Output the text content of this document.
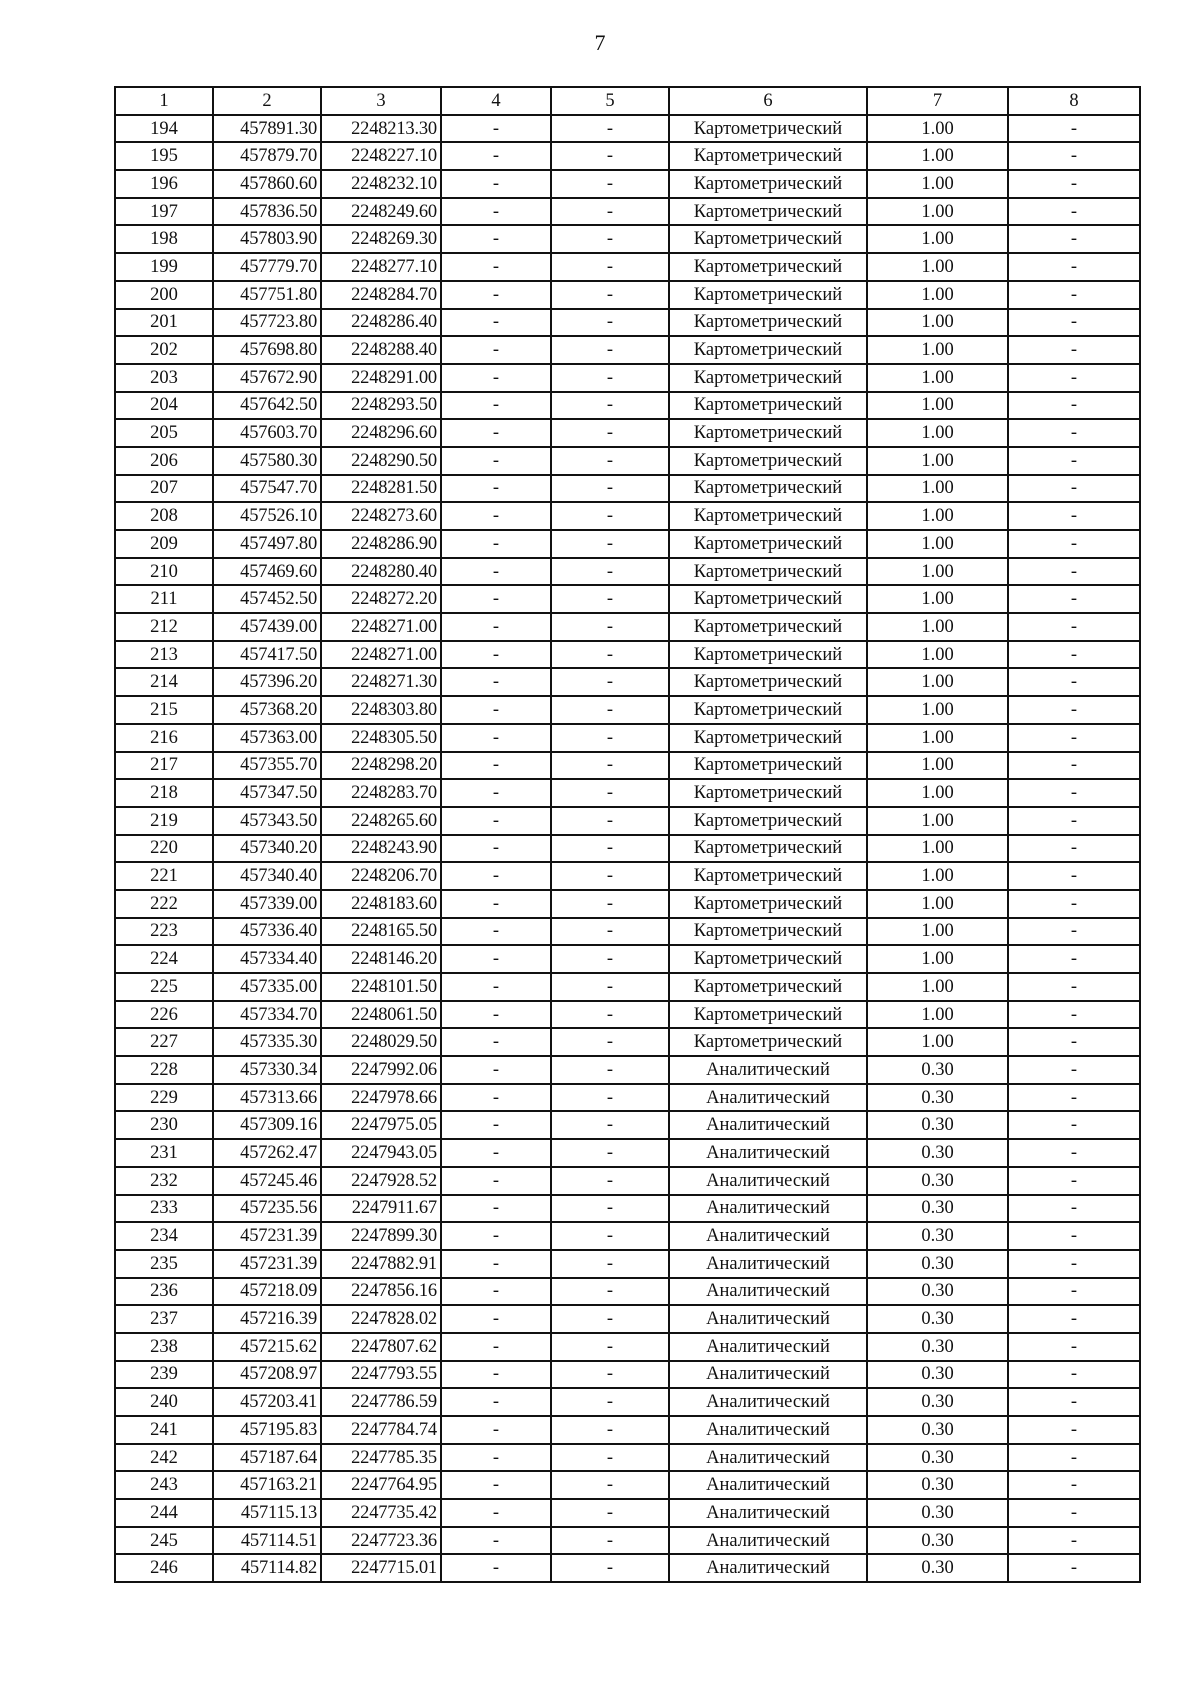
7
1	2	3	4	5	6	7	8
194	457891.30	2248213.30	-	-	Картометрический	1.00	-
195	457879.70	2248227.10	-	-	Картометрический	1.00	-
196	457860.60	2248232.10	-	-	Картометрический	1.00	-
197	457836.50	2248249.60	-	-	Картометрический	1.00	-
198	457803.90	2248269.30	-	-	Картометрический	1.00	-
199	457779.70	2248277.10	-	-	Картометрический	1.00	-
200	457751.80	2248284.70	-	-	Картометрический	1.00	-
201	457723.80	2248286.40	-	-	Картометрический	1.00	-
202	457698.80	2248288.40	-	-	Картометрический	1.00	-
203	457672.90	2248291.00	-	-	Картометрический	1.00	-
204	457642.50	2248293.50	-	-	Картометрический	1.00	-
205	457603.70	2248296.60	-	-	Картометрический	1.00	-
206	457580.30	2248290.50	-	-	Картометрический	1.00	-
207	457547.70	2248281.50	-	-	Картометрический	1.00	-
208	457526.10	2248273.60	-	-	Картометрический	1.00	-
209	457497.80	2248286.90	-	-	Картометрический	1.00	-
210	457469.60	2248280.40	-	-	Картометрический	1.00	-
211	457452.50	2248272.20	-	-	Картометрический	1.00	-
212	457439.00	2248271.00	-	-	Картометрический	1.00	-
213	457417.50	2248271.00	-	-	Картометрический	1.00	-
214	457396.20	2248271.30	-	-	Картометрический	1.00	-
215	457368.20	2248303.80	-	-	Картометрический	1.00	-
216	457363.00	2248305.50	-	-	Картометрический	1.00	-
217	457355.70	2248298.20	-	-	Картометрический	1.00	-
218	457347.50	2248283.70	-	-	Картометрический	1.00	-
219	457343.50	2248265.60	-	-	Картометрический	1.00	-
220	457340.20	2248243.90	-	-	Картометрический	1.00	-
221	457340.40	2248206.70	-	-	Картометрический	1.00	-
222	457339.00	2248183.60	-	-	Картометрический	1.00	-
223	457336.40	2248165.50	-	-	Картометрический	1.00	-
224	457334.40	2248146.20	-	-	Картометрический	1.00	-
225	457335.00	2248101.50	-	-	Картометрический	1.00	-
226	457334.70	2248061.50	-	-	Картометрический	1.00	-
227	457335.30	2248029.50	-	-	Картометрический	1.00	-
228	457330.34	2247992.06	-	-	Аналитический	0.30	-
229	457313.66	2247978.66	-	-	Аналитический	0.30	-
230	457309.16	2247975.05	-	-	Аналитический	0.30	-
231	457262.47	2247943.05	-	-	Аналитический	0.30	-
232	457245.46	2247928.52	-	-	Аналитический	0.30	-
233	457235.56	2247911.67	-	-	Аналитический	0.30	-
234	457231.39	2247899.30	-	-	Аналитический	0.30	-
235	457231.39	2247882.91	-	-	Аналитический	0.30	-
236	457218.09	2247856.16	-	-	Аналитический	0.30	-
237	457216.39	2247828.02	-	-	Аналитический	0.30	-
238	457215.62	2247807.62	-	-	Аналитический	0.30	-
239	457208.97	2247793.55	-	-	Аналитический	0.30	-
240	457203.41	2247786.59	-	-	Аналитический	0.30	-
241	457195.83	2247784.74	-	-	Аналитический	0.30	-
242	457187.64	2247785.35	-	-	Аналитический	0.30	-
243	457163.21	2247764.95	-	-	Аналитический	0.30	-
244	457115.13	2247735.42	-	-	Аналитический	0.30	-
245	457114.51	2247723.36	-	-	Аналитический	0.30	-
246	457114.82	2247715.01	-	-	Аналитический	0.30	-
